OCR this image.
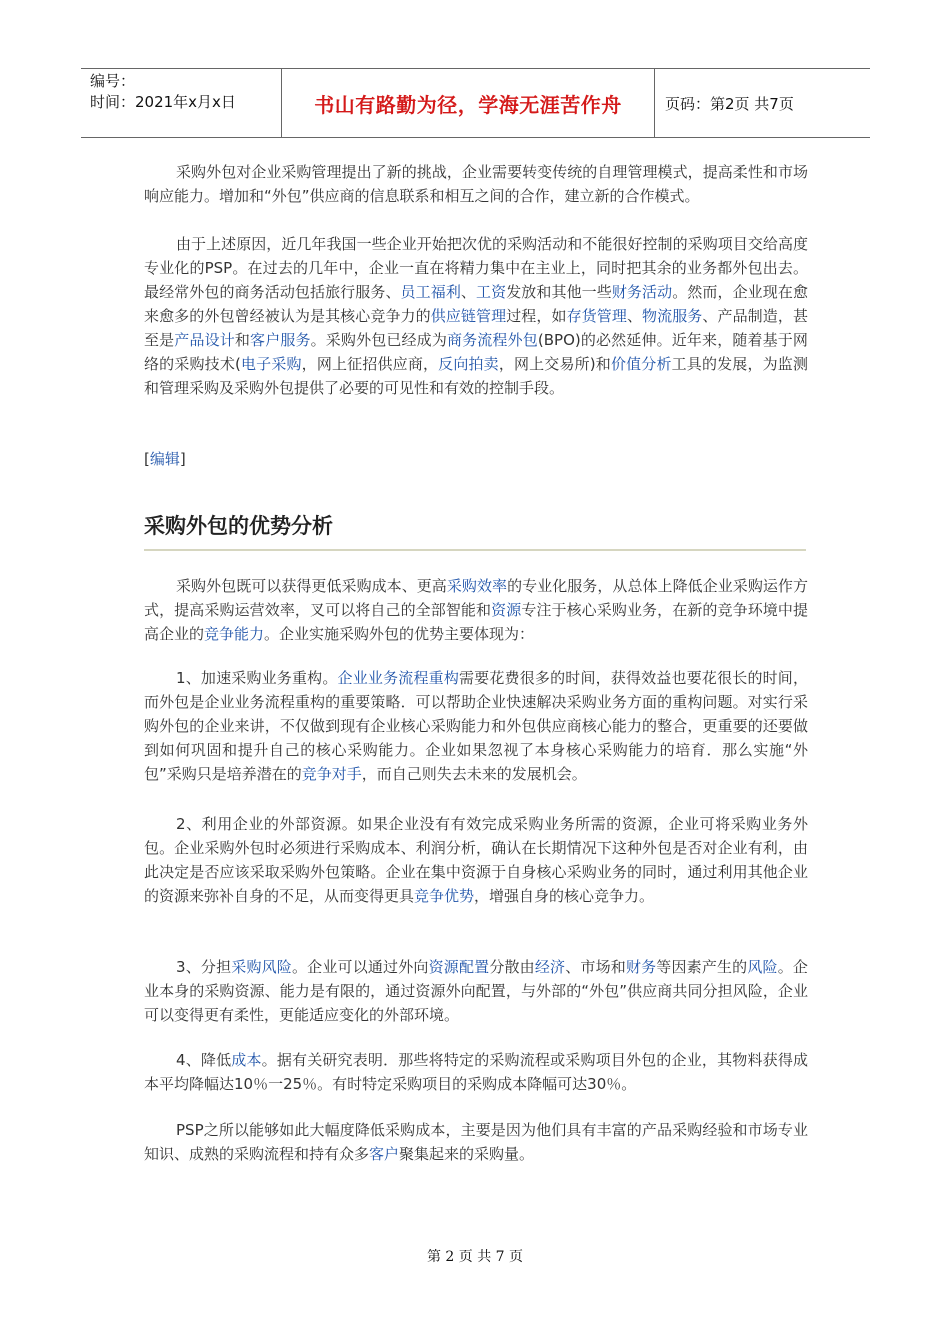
编号：
时间：2021年x月x日	书山有路勤为径，学海无涯苦作舟	页码：第2页 共7页

采购外包对企业采购管理提出了新的挑战，企业需要转变传统的自理管理模式，提高柔性和市场响应能力。增加和“外包”供应商的信息联系和相互之间的合作，建立新的合作模式。

由于上述原因，近几年我国一些企业开始把次优的采购活动和不能很好控制的采购项目交给高度专业化的PSP。在过去的几年中，企业一直在将精力集中在主业上，同时把其余的业务都外包出去。最经常外包的商务活动包括旅行服务、员工福利、工资发放和其他一些财务活动。然而，企业现在愈来愈多的外包曾经被认为是其核心竞争力的供应链管理过程，如存货管理、物流服务、产品制造，甚至是产品设计和客户服务。采购外包已经成为商务流程外包(BPO)的必然延伸。近年来，随着基于网络的采购技术(电子采购，网上征招供应商，反向拍卖，网上交易所)和价值分析工具的发展，为监测和管理采购及采购外包提供了必要的可见性和有效的控制手段。

[编辑]
采购外包的优势分析

采购外包既可以获得更低采购成本、更高采购效率的专业化服务，从总体上降低企业采购运作方式，提高采购运营效率，叉可以将自己的全部智能和资源专注于核心采购业务，在新的竞争环境中提高企业的竞争能力。企业实施采购外包的优势主要体现为：

1、加速采购业务重构。企业业务流程重构需要花费很多的时间，获得效益也要花很长的时间，而外包是企业业务流程重构的重要策略．可以帮助企业快速解决采购业务方面的重构问题。对实行采购外包的企业来讲，不仅做到现有企业核心采购能力和外包供应商核心能力的整合，更重要的还要做到如何巩固和提升自己的核心采购能力。企业如果忽视了本身核心采购能力的培育．那么实施“外包”采购只是培养潜在的竞争对手，而自己则失去未来的发展机会。

2、利用企业的外部资源。如果企业没有有效完成采购业务所需的资源，企业可将采购业务外包。企业采购外包时必须进行采购成本、利润分析，确认在长期情况下这种外包是否对企业有利，由此决定是否应该采取采购外包策略。企业在集中资源于自身核心采购业务的同时，通过利用其他企业的资源来弥补自身的不足，从而变得更具竞争优势，增强自身的核心竞争力。

3、分担采购风险。企业可以通过外向资源配置分散由经济、市场和财务等因素产生的风险。企业本身的采购资源、能力是有限的，通过资源外向配置，与外部的“外包”供应商共同分担风险，企业可以变得更有柔性，更能适应变化的外部环境。

4、降低成本。据有关研究表明．那些将特定的采购流程或采购项目外包的企业，其物料获得成本平均降幅达10％一25％。有时特定采购项目的采购成本降幅可达30％。

PSP之所以能够如此大幅度降低采购成本，主要是因为他们具有丰富的产品采购经验和市场专业知识、成熟的采购流程和持有众多客户聚集起来的采购量。

第 2 页 共 7 页
